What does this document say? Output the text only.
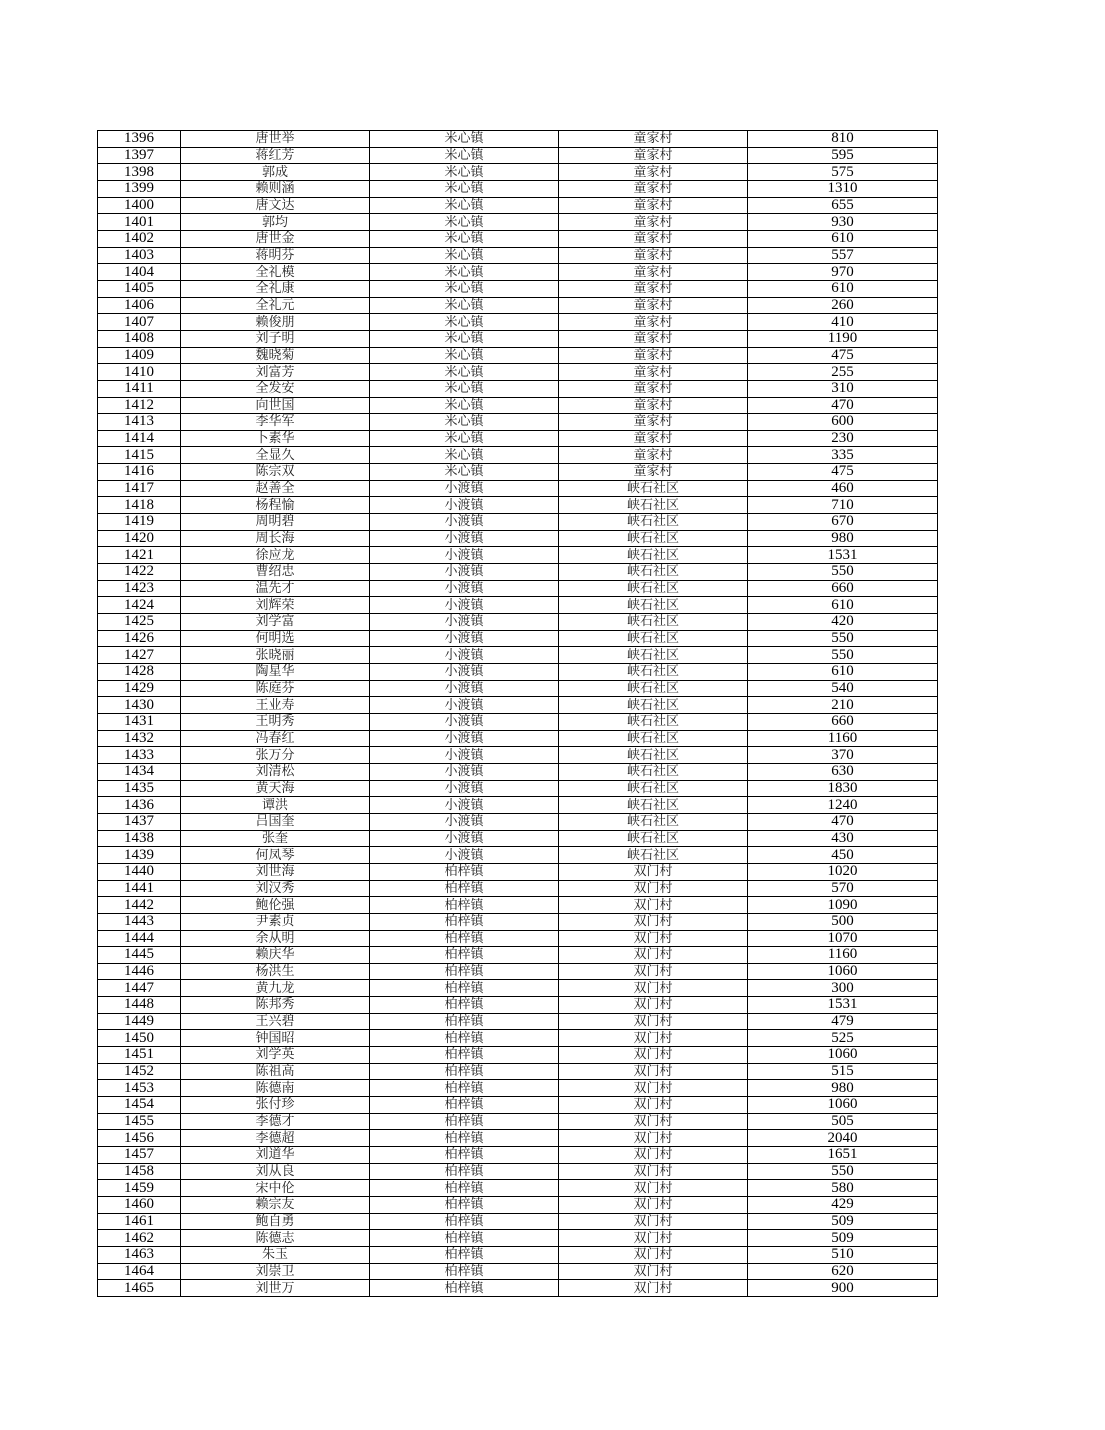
1396	唐世举	米心镇	童家村	810
1397	蒋红芳	米心镇	童家村	595
1398	郭成	米心镇	童家村	575
1399	赖则涵	米心镇	童家村	1310
1400	唐文达	米心镇	童家村	655
1401	郭均	米心镇	童家村	930
1402	唐世金	米心镇	童家村	610
1403	蒋明芬	米心镇	童家村	557
1404	全礼模	米心镇	童家村	970
1405	全礼康	米心镇	童家村	610
1406	全礼元	米心镇	童家村	260
1407	赖俊朋	米心镇	童家村	410
1408	刘子明	米心镇	童家村	1190
1409	魏晓菊	米心镇	童家村	475
1410	刘富芳	米心镇	童家村	255
1411	全发安	米心镇	童家村	310
1412	向世国	米心镇	童家村	470
1413	李华军	米心镇	童家村	600
1414	卜素华	米心镇	童家村	230
1415	全显久	米心镇	童家村	335
1416	陈宗双	米心镇	童家村	475
1417	赵善全	小渡镇	峡石社区	460
1418	杨程愉	小渡镇	峡石社区	710
1419	周明碧	小渡镇	峡石社区	670
1420	周长海	小渡镇	峡石社区	980
1421	徐应龙	小渡镇	峡石社区	1531
1422	曹绍忠	小渡镇	峡石社区	550
1423	温先才	小渡镇	峡石社区	660
1424	刘辉荣	小渡镇	峡石社区	610
1425	刘学富	小渡镇	峡石社区	420
1426	何明选	小渡镇	峡石社区	550
1427	张晓丽	小渡镇	峡石社区	550
1428	陶星华	小渡镇	峡石社区	610
1429	陈庭芬	小渡镇	峡石社区	540
1430	王业寿	小渡镇	峡石社区	210
1431	王明秀	小渡镇	峡石社区	660
1432	冯春红	小渡镇	峡石社区	1160
1433	张万分	小渡镇	峡石社区	370
1434	刘清松	小渡镇	峡石社区	630
1435	黄天海	小渡镇	峡石社区	1830
1436	谭洪	小渡镇	峡石社区	1240
1437	吕国奎	小渡镇	峡石社区	470
1438	张奎	小渡镇	峡石社区	430
1439	何凤琴	小渡镇	峡石社区	450
1440	刘世海	柏梓镇	双门村	1020
1441	刘汉秀	柏梓镇	双门村	570
1442	鲍伦强	柏梓镇	双门村	1090
1443	尹素贞	柏梓镇	双门村	500
1444	余从明	柏梓镇	双门村	1070
1445	赖庆华	柏梓镇	双门村	1160
1446	杨洪生	柏梓镇	双门村	1060
1447	黄九龙	柏梓镇	双门村	300
1448	陈邦秀	柏梓镇	双门村	1531
1449	王兴碧	柏梓镇	双门村	479
1450	钟国昭	柏梓镇	双门村	525
1451	刘学英	柏梓镇	双门村	1060
1452	陈祖高	柏梓镇	双门村	515
1453	陈德南	柏梓镇	双门村	980
1454	张付珍	柏梓镇	双门村	1060
1455	李德才	柏梓镇	双门村	505
1456	李德超	柏梓镇	双门村	2040
1457	刘道华	柏梓镇	双门村	1651
1458	刘从良	柏梓镇	双门村	550
1459	宋中伦	柏梓镇	双门村	580
1460	赖宗友	柏梓镇	双门村	429
1461	鲍自勇	柏梓镇	双门村	509
1462	陈德志	柏梓镇	双门村	509
1463	朱玉	柏梓镇	双门村	510
1464	刘崇卫	柏梓镇	双门村	620
1465	刘世万	柏梓镇	双门村	900
